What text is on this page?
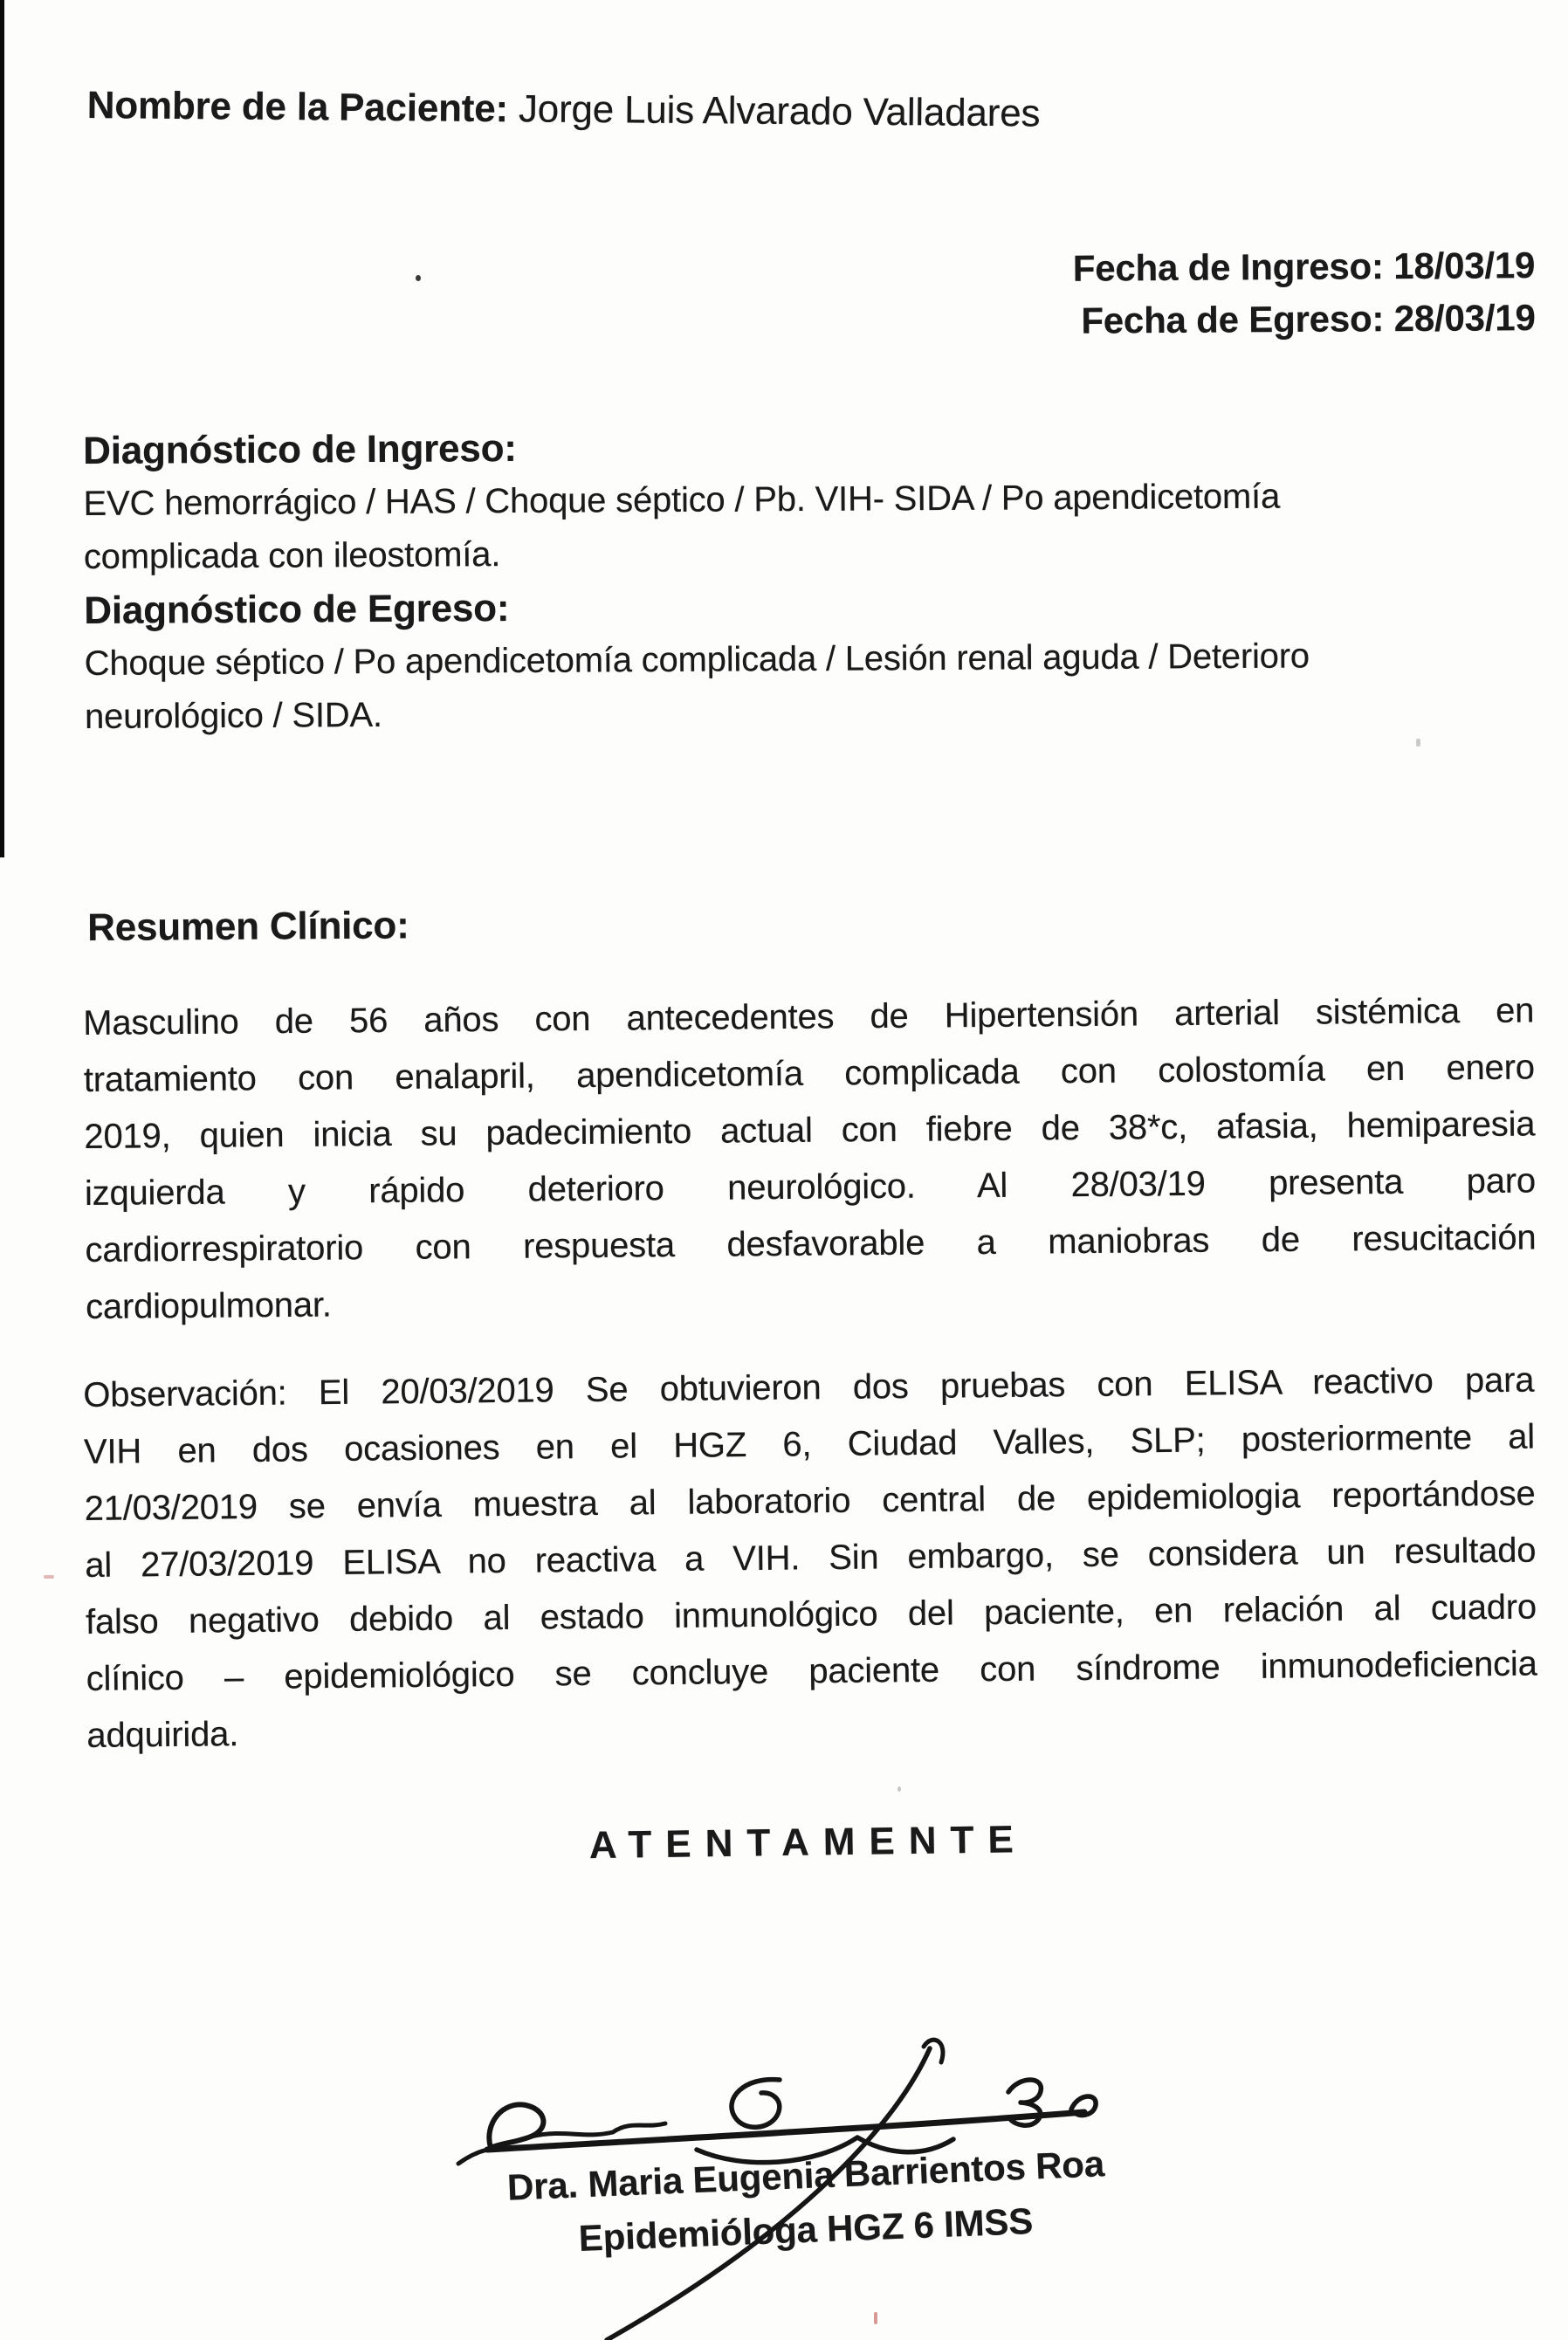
Nombre de la Paciente: Jorge Luis Alvarado Valladares
Fecha de Ingreso: 18/03/19
Fecha de Egreso: 28/03/19
Diagnóstico de Ingreso:
EVC hemorrágico / HAS / Choque séptico / Pb. VIH- SIDA / Po apendicetomía
complicada con ileostomía.
Diagnóstico de Egreso:
Choque séptico / Po apendicetomía complicada / Lesión renal aguda / Deterioro
neurológico / SIDA.
Resumen Clínico:
Masculino de 56 años con antecedentes de Hipertensión arterial sistémica en
tratamiento con enalapril, apendicetomía complicada con colostomía en enero
2019, quien inicia su padecimiento actual con fiebre de 38*c, afasia, hemiparesia
izquierda y rápido deterioro neurológico. Al 28/03/19 presenta paro
cardiorrespiratorio con respuesta desfavorable a maniobras de resucitación
cardiopulmonar.
Observación: El 20/03/2019 Se obtuvieron dos pruebas con ELISA reactivo para
VIH en dos ocasiones en el HGZ 6, Ciudad Valles, SLP; posteriormente al
21/03/2019 se envía muestra al laboratorio central de epidemiologia reportándose
al 27/03/2019 ELISA no reactiva a VIH. Sin embargo, se considera un resultado
falso negativo debido al estado inmunológico del paciente, en relación al cuadro
clínico – epidemiológico se concluye paciente con síndrome inmunodeficiencia
adquirida.
ATENTAMENTE
Dra. Maria Eugenia Barrientos Roa
Epidemióloga HGZ 6 IMSS
